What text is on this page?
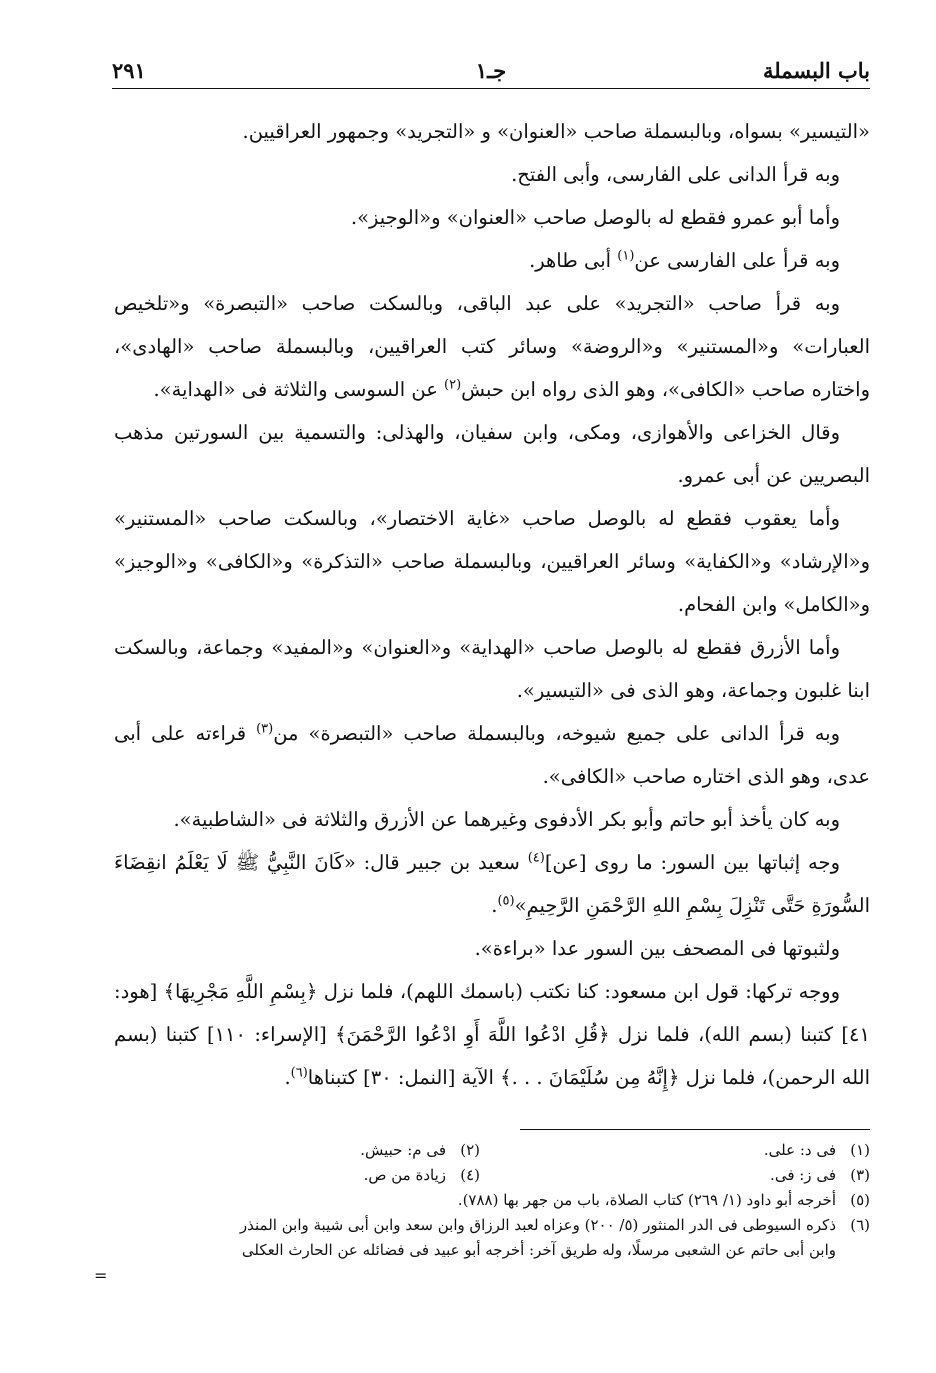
باب البسملة
جـ١
٢٩١

«التيسير» بسواه، وبالبسملة صاحب «العنوان» و «التجريد» وجمهور العراقيين.

وبه قرأ الدانى على الفارسى، وأبى الفتح.

وأما أبو عمرو فقطع له بالوصل صاحب «العنوان» و«الوجيز».

وبه قرأ على الفارسى عن$^{(١)}$ أبى طاهر.

وبه قرأ صاحب «التجريد» على عبد الباقى، وبالسكت صاحب «التبصرة» و«تلخيص العبارات» و«المستنير» و«الروضة» وسائر كتب العراقيين، وبالبسملة صاحب «الهادى»، واختاره صاحب «الكافى»، وهو الذى رواه ابن حبش$^{(٢)}$ عن السوسى والثلاثة فى «الهداية».

وقال الخزاعى والأهوازى، ومكى، وابن سفيان، والهذلى: والتسمية بين السورتين مذهب البصريين عن أبى عمرو.

وأما يعقوب فقطع له بالوصل صاحب «غاية الاختصار»، وبالسكت صاحب «المستنير» و«الإرشاد» و«الكفاية» وسائر العراقيين، وبالبسملة صاحب «التذكرة» و«الكافى» و«الوجيز» و«الكامل» وابن الفحام.

وأما الأزرق فقطع له بالوصل صاحب «الهداية» و«العنوان» و«المفيد» وجماعة، وبالسكت ابنا غلبون وجماعة، وهو الذى فى «التيسير».

وبه قرأ الدانى على جميع شيوخه، وبالبسملة صاحب «التبصرة» من$^{(٣)}$ قراءته على أبى عدى، وهو الذى اختاره صاحب «الكافى».

وبه كان يأخذ أبو حاتم وأبو بكر الأدفوى وغيرهما عن الأزرق والثلاثة فى «الشاطبية».

وجه إثباتها بين السور: ما روى [عن]$^{(٤)}$ سعيد بن جبير قال: «كَانَ النَّبِيُّ ﷺ لَا يَعْلَمُ انقِضَاءَ السُّورَةِ حَتَّى تَنْزِلَ بِسْمِ اللهِ الرَّحْمَنِ الرَّحِيمِ»$^{(٥)}$.

ولثبوتها فى المصحف بين السور عدا «براءة».

ووجه تركها: قول ابن مسعود: كنا نكتب (باسمك اللهم)، فلما نزل ﴿بِسْمِ اللَّهِ مَجْرِيهَا﴾ [هود: ٤١] كتبنا (بسم الله)، فلما نزل ﴿قُلِ ادْعُوا اللَّهَ أَوِ ادْعُوا الرَّحْمَنَ﴾ [الإسراء: ١١٠] كتبنا (بسم الله الرحمن)، فلما نزل ﴿إِنَّهُ مِن سُلَيْمَانَ . . .﴾ الآية [النمل: ٣٠] كتبناها$^{(٦)}$.

(١)
فى د: على.
(٢)
فى م: حبيش.
(٣)
فى ز: فى.
(٤)
زيادة من ص.
(٥)
أخرجه أبو داود (١/ ٢٦٩) كتاب الصلاة، باب من جهر بها (٧٨٨).
(٦)
ذكره السيوطى فى الدر المنثور (٥/ ٢٠٠) وعزاه لعبد الرزاق وابن سعد وابن أبى شيبة وابن المنذر
وابن أبى حاتم عن الشعبى مرسلًا، وله طريق آخر: أخرجه أبو عبيد فى فضائله عن الحارث العكلى
=
